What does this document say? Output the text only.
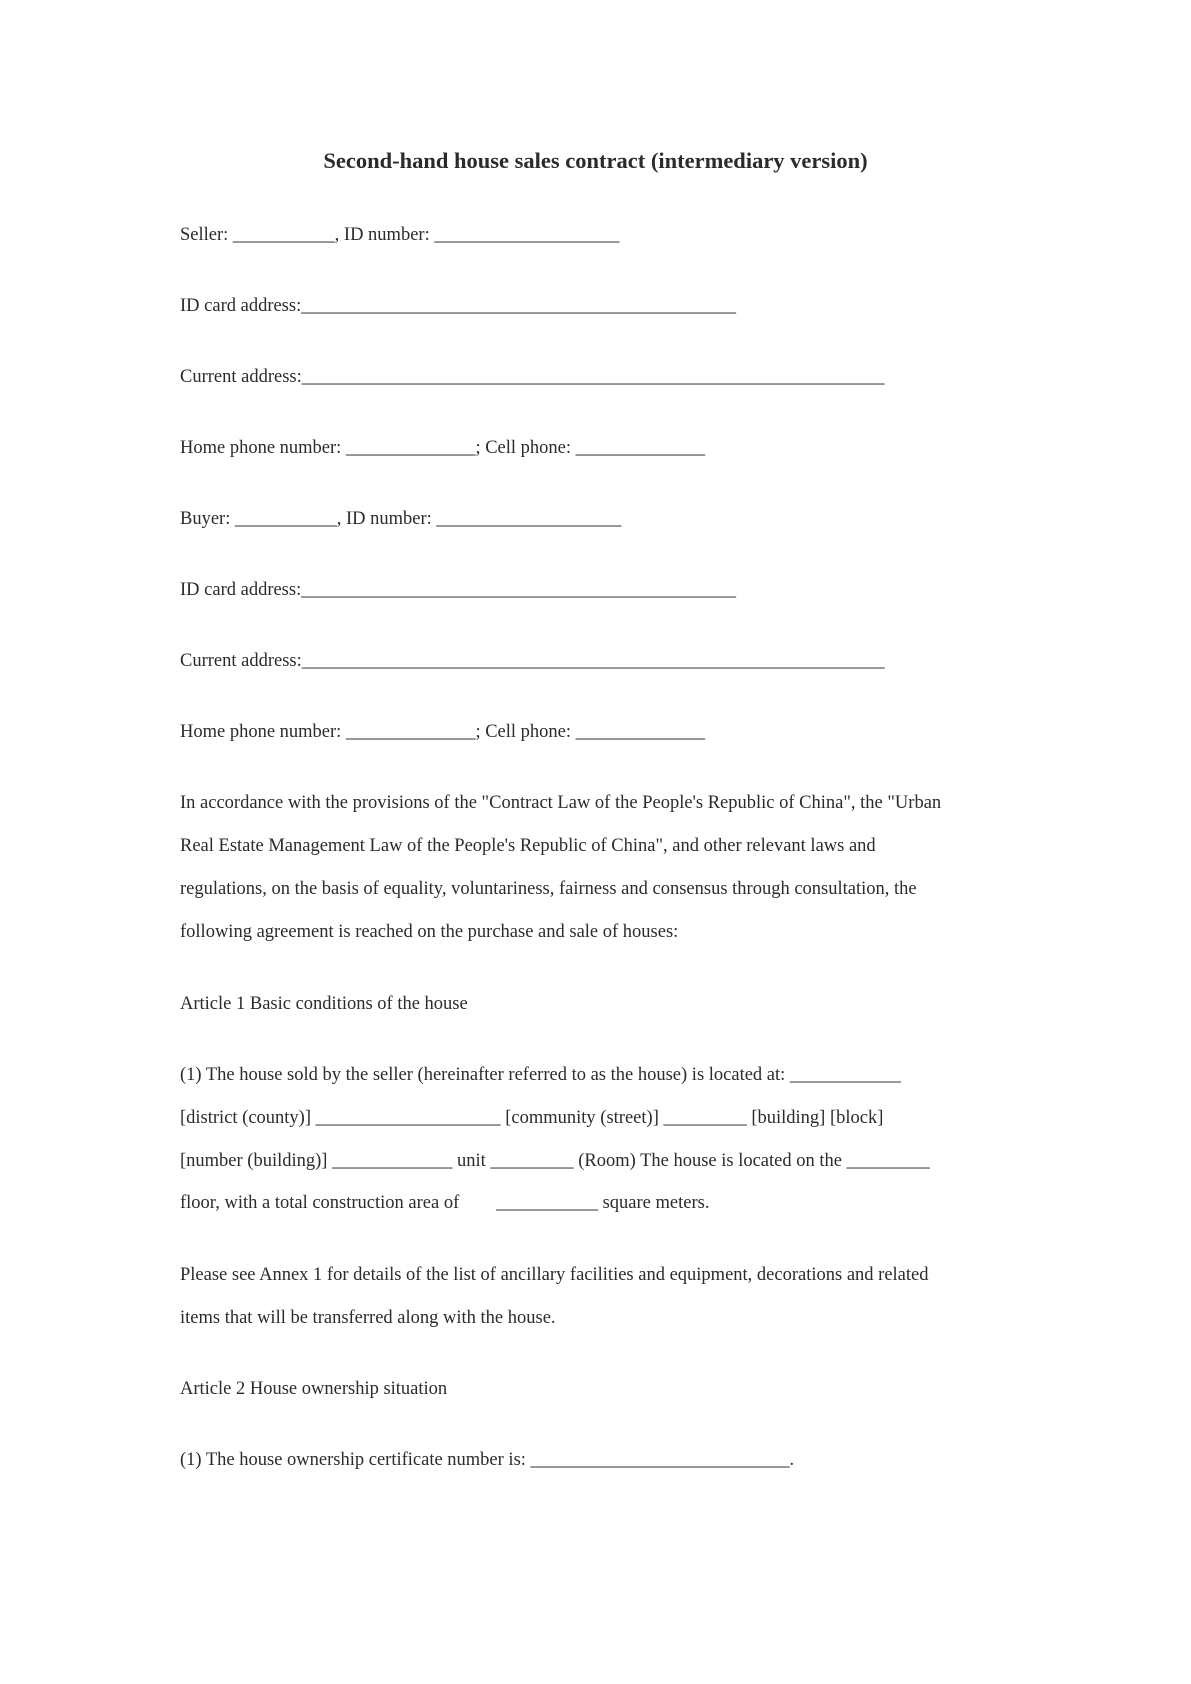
Second-hand house sales contract (intermediary version)
Seller: ___________, ID number: ____________________
ID card address:_______________________________________________
Current address:_______________________________________________________________
Home phone number: ______________; Cell phone: ______________
Buyer: ___________, ID number: ____________________
ID card address:_______________________________________________
Current address:_______________________________________________________________
Home phone number: ______________; Cell phone: ______________
In accordance with the provisions of the "Contract Law of the People's Republic of China", the "Urban
Real Estate Management Law of the People's Republic of China", and other relevant laws and
regulations, on the basis of equality, voluntariness, fairness and consensus through consultation, the
following agreement is reached on the purchase and sale of houses:
Article 1 Basic conditions of the house
(1) The house sold by the seller (hereinafter referred to as the house) is located at: ____________
[district (county)] ____________________ [community (street)] _________ [building] [block]
[number (building)] _____________ unit _________ (Room) The house is located on the _________
floor, with a total construction area of        ___________ square meters.
Please see Annex 1 for details of the list of ancillary facilities and equipment, decorations and related
items that will be transferred along with the house.
Article 2 House ownership situation
(1) The house ownership certificate number is: ____________________________.
